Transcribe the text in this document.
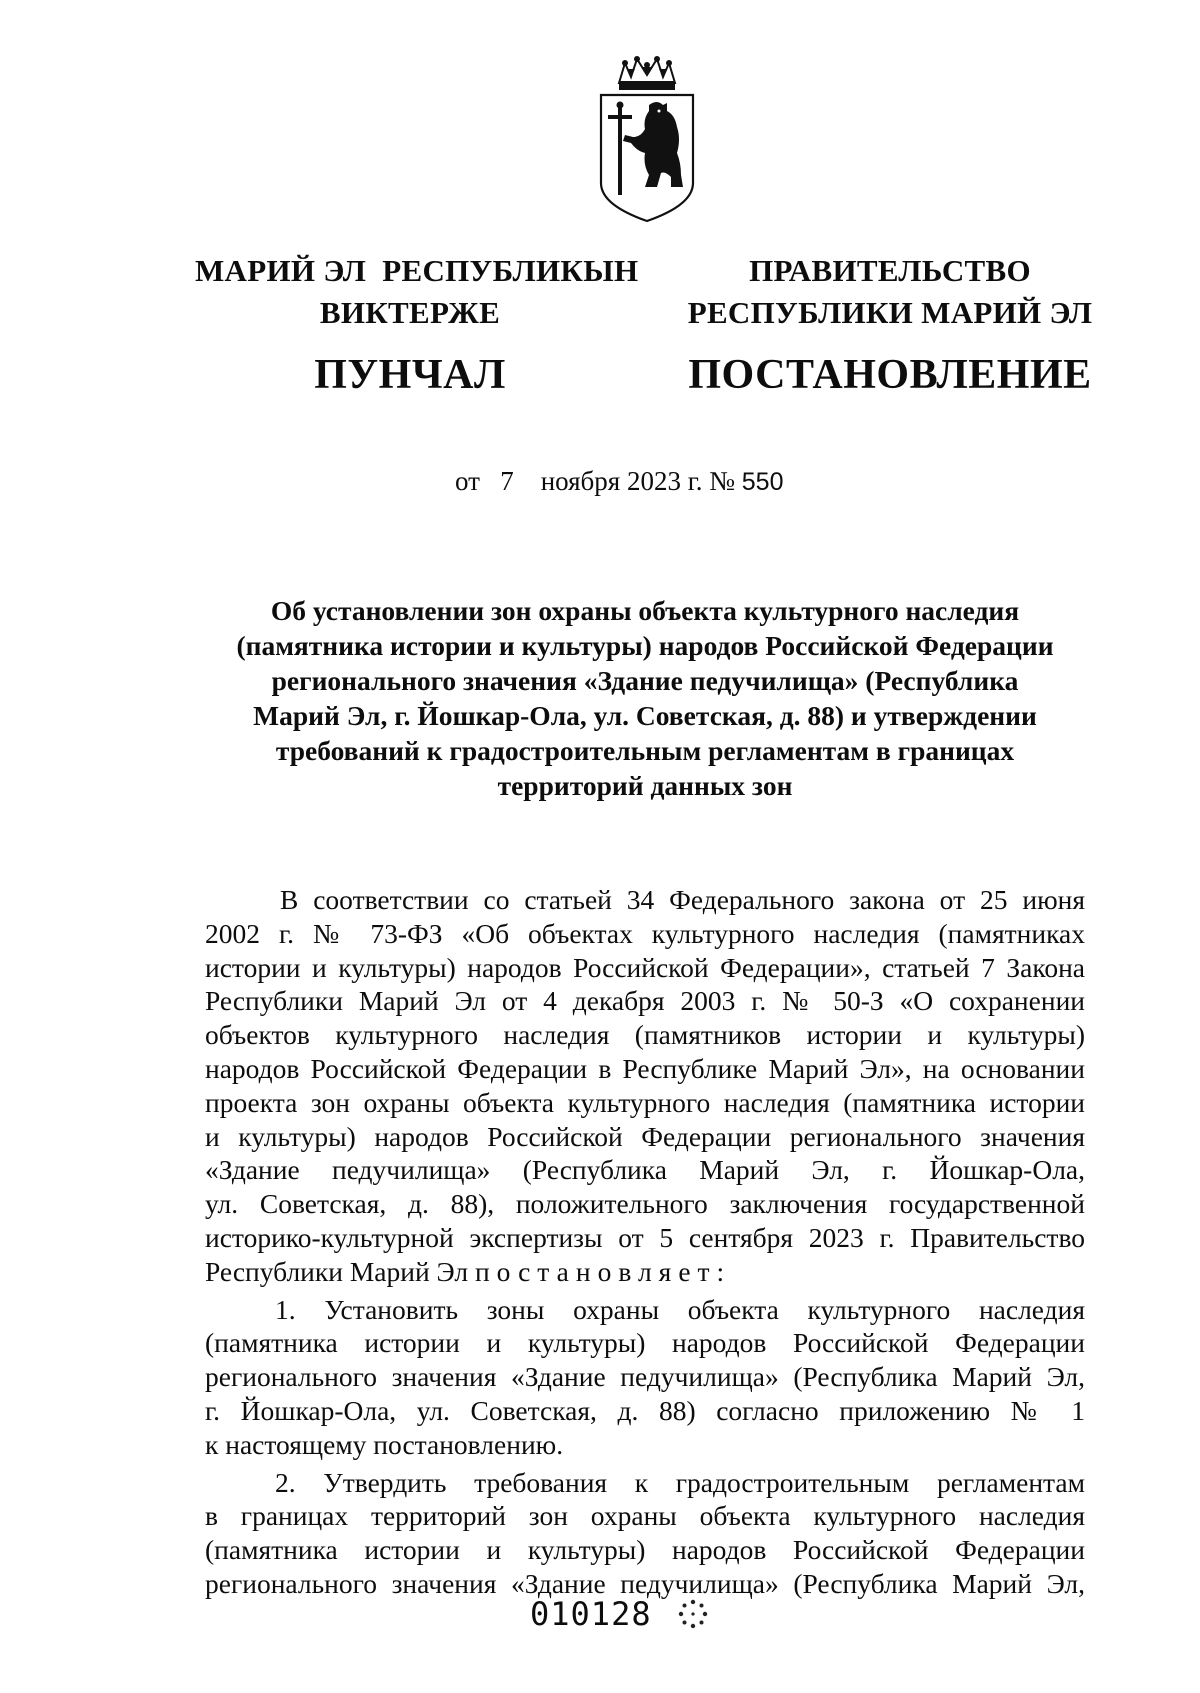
МАРИЙ ЭЛ  РЕСПУБЛИКЫН
ВИКТЕРЖЕ
ПУНЧАЛ
ПРАВИТЕЛЬСТВО
РЕСПУБЛИКИ МАРИЙ ЭЛ
ПОСТАНОВЛЕНИЕ
от 7 ноября 2023 г. № 550
Об установлении зон охраны объекта культурного наследия
(памятника истории и культуры) народов Российской Федерации
регионального значения «Здание педучилища» (Республика
Марий Эл, г. Йошкар-Ола, ул. Советская, д. 88) и утверждении
требований к градостроительным регламентам в границах
территорий данных зон

В соответствии со статьей 34 Федерального закона от 25 июня

2002 г. № 73-ФЗ «Об объектах культурного наследия (памятниках

истории и культуры) народов Российской Федерации», статьей 7 Закона

Республики Марий Эл от 4 декабря 2003 г. № 50-З «О сохранении

объектов культурного наследия (памятников истории и культуры)

народов Российской Федерации в Республике Марий Эл», на основании

проекта зон охраны объекта культурного наследия (памятника истории

и культуры) народов Российской Федерации регионального значения

«Здание педучилища» (Республика Марий Эл, г. Йошкар-Ола,

ул. Советская, д. 88), положительного заключения государственной

историко-культурной экспертизы от 5 сентября 2023 г. Правительство

Республики Марий Эл постановляет:

1. Установить зоны охраны объекта культурного наследия

(памятника истории и культуры) народов Российской Федерации

регионального значения «Здание педучилища» (Республика Марий Эл,

г. Йошкар-Ола, ул. Советская, д. 88) согласно приложению № 1

к настоящему постановлению.

2. Утвердить требования к градостроительным регламентам

в границах территорий зон охраны объекта культурного наследия

(памятника истории и культуры) народов Российской Федерации

регионального значения «Здание педучилища» (Республика Марий Эл,

010128
